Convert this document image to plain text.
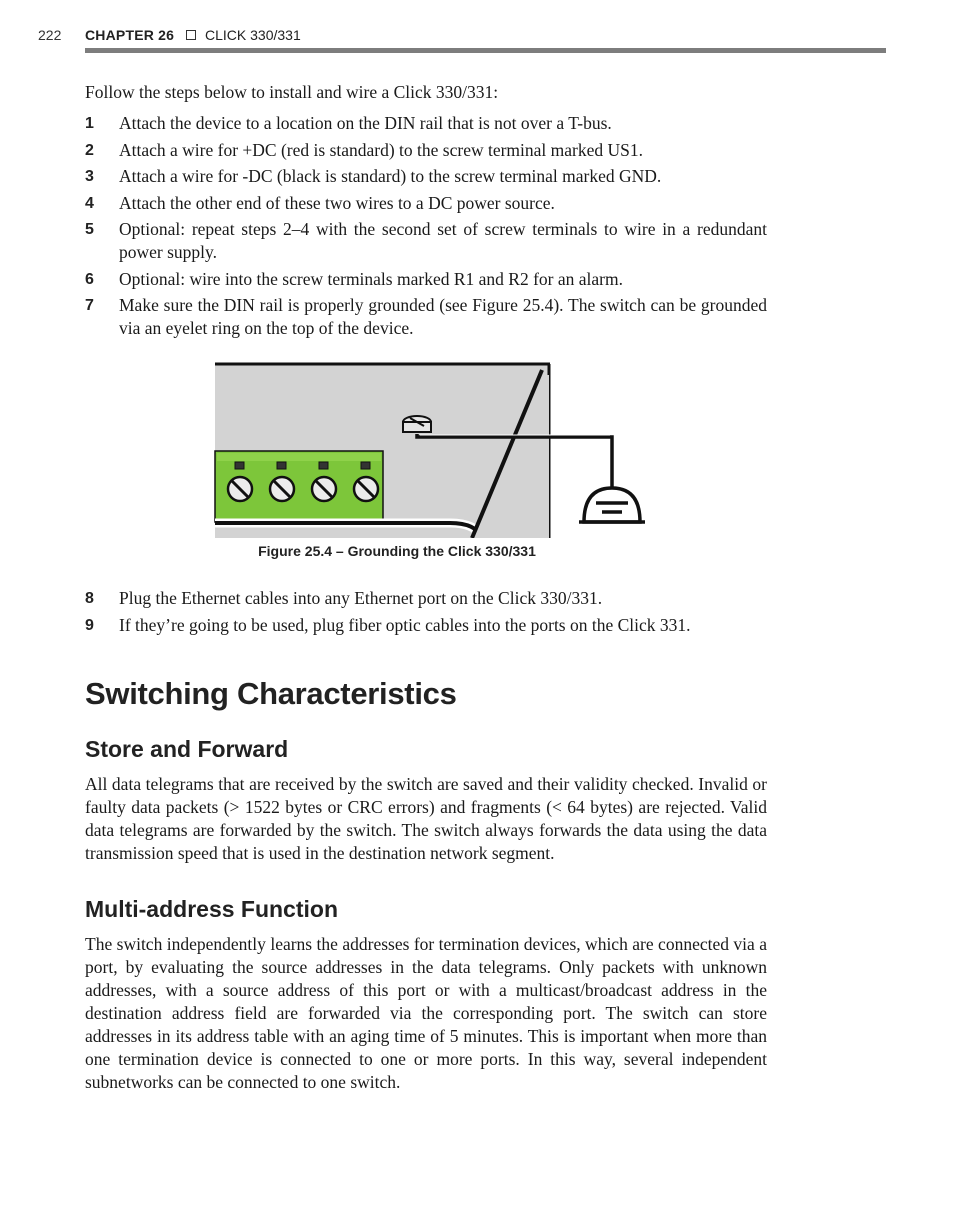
222 CHAPTER 26 CLICK 330/331

Follow the steps below to install and wire a Click 330/331:

1 Attach the device to a location on the DIN rail that is not over a T-bus.
2 Attach a wire for +DC (red is standard) to the screw terminal marked US1.
3 Attach a wire for -DC (black is standard) to the screw terminal marked GND.
4 Attach the other end of these two wires to a DC power source.
5 Optional: repeat steps 2–4 with the second set of screw terminals to wire in a redundant power supply.
6 Optional: wire into the screw terminals marked R1 and R2 for an alarm.
7 Make sure the DIN rail is properly grounded (see Figure 25.4). The switch can be grounded via an eyelet ring on the top of the device.
Figure 25.4 – Grounding the Click 330/331
8 Plug the Ethernet cables into any Ethernet port on the Click 330/331.
9 If they’re going to be used, plug fiber optic cables into the ports on the Click 331.
Switching Characteristics
Store and Forward

All data telegrams that are received by the switch are saved and their validity checked. Invalid or faulty data packets (> 1522 bytes or CRC errors) and fragments (< 64 bytes) are rejected. Valid data telegrams are forwarded by the switch. The switch always forwards the data using the data transmission speed that is used in the destination network segment.

Multi-address Function

The switch independently learns the addresses for termination devices, which are connected via a port, by evaluating the source addresses in the data telegrams. Only packets with unknown addresses, with a source address of this port or with a multicast/broadcast address in the destination address field are forwarded via the corresponding port. The switch can store addresses in its address table with an aging time of 5 minutes. This is important when more than one termination device is connected to one or more ports. In this way, several independent subnetworks can be connected to one switch.
